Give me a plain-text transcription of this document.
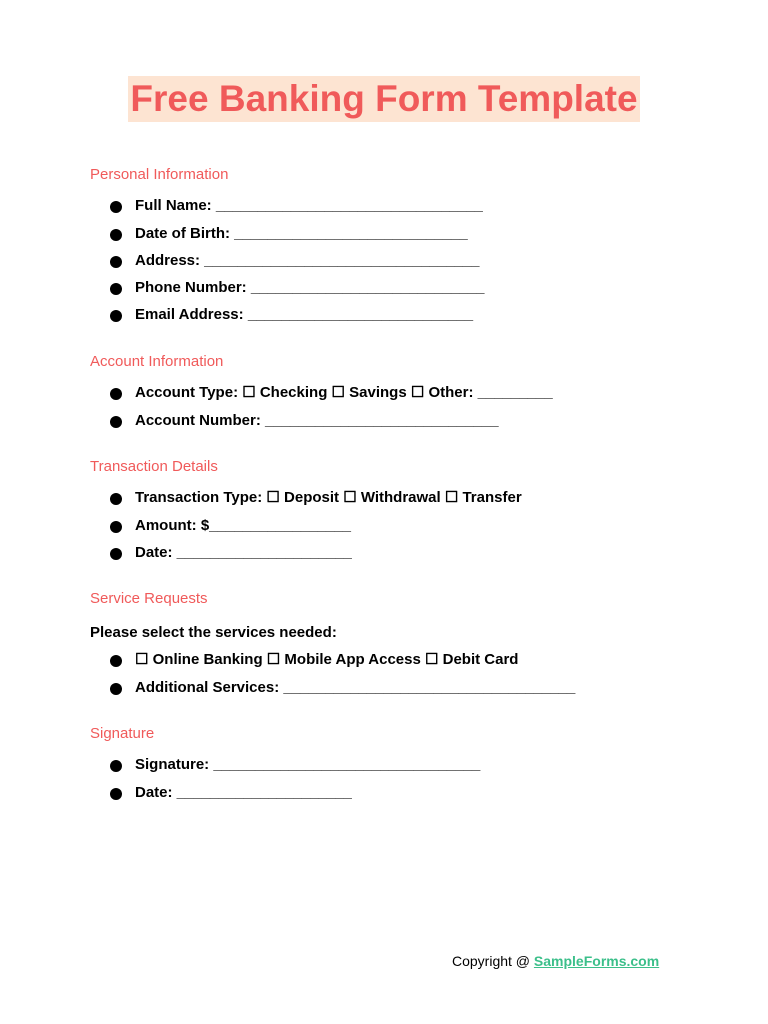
Free Banking Form Template
Personal Information
Full Name: ________________________________
Date of Birth: ____________________________
Address: _________________________________
Phone Number: ____________________________
Email Address: ___________________________
Account Information
Account Type: ☐ Checking ☐ Savings ☐ Other: _________
Account Number: ____________________________
Transaction Details
Transaction Type: ☐ Deposit ☐ Withdrawal ☐ Transfer
Amount: $_________________
Date: _____________________
Service Requests
Please select the services needed:
☐ Online Banking ☐ Mobile App Access ☐ Debit Card
Additional Services: ___________________________________
Signature
Signature: ________________________________
Date: _____________________
Copyright @ SampleForms.com
